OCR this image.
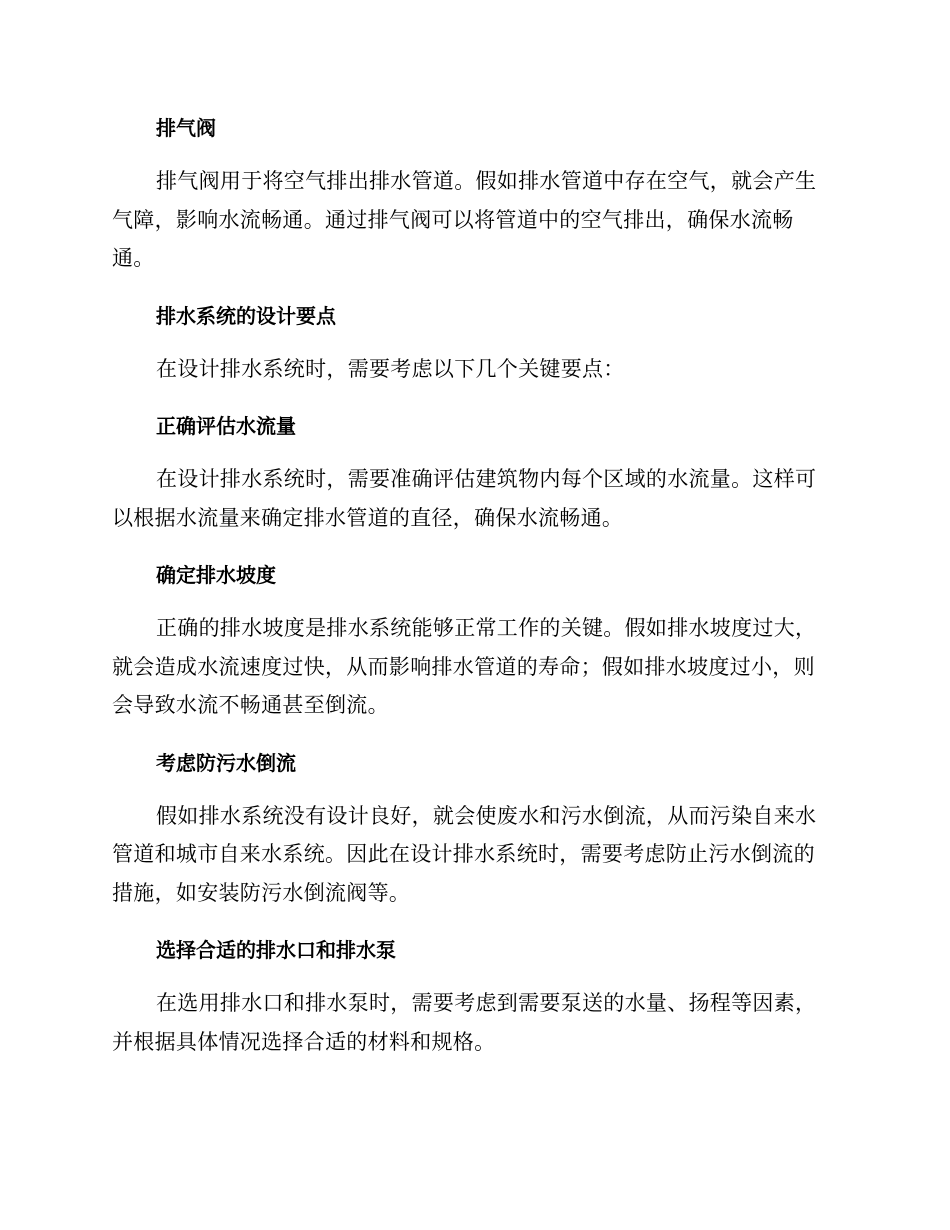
排气阀
排气阀用于将空气排出排水管道。假如排水管道中存在空气，就会产生
气障，影响水流畅通。通过排气阀可以将管道中的空气排出，确保水流畅
通。
排水系统的设计要点
在设计排水系统时，需要考虑以下几个关键要点：
正确评估水流量
在设计排水系统时，需要准确评估建筑物内每个区域的水流量。这样可
以根据水流量来确定排水管道的直径，确保水流畅通。
确定排水坡度
正确的排水坡度是排水系统能够正常工作的关键。假如排水坡度过大，
就会造成水流速度过快，从而影响排水管道的寿命；假如排水坡度过小，则
会导致水流不畅通甚至倒流。
考虑防污水倒流
假如排水系统没有设计良好，就会使废水和污水倒流，从而污染自来水
管道和城市自来水系统。因此在设计排水系统时，需要考虑防止污水倒流的
措施，如安装防污水倒流阀等。
选择合适的排水口和排水泵
在选用排水口和排水泵时，需要考虑到需要泵送的水量、扬程等因素，
并根据具体情况选择合适的材料和规格。
